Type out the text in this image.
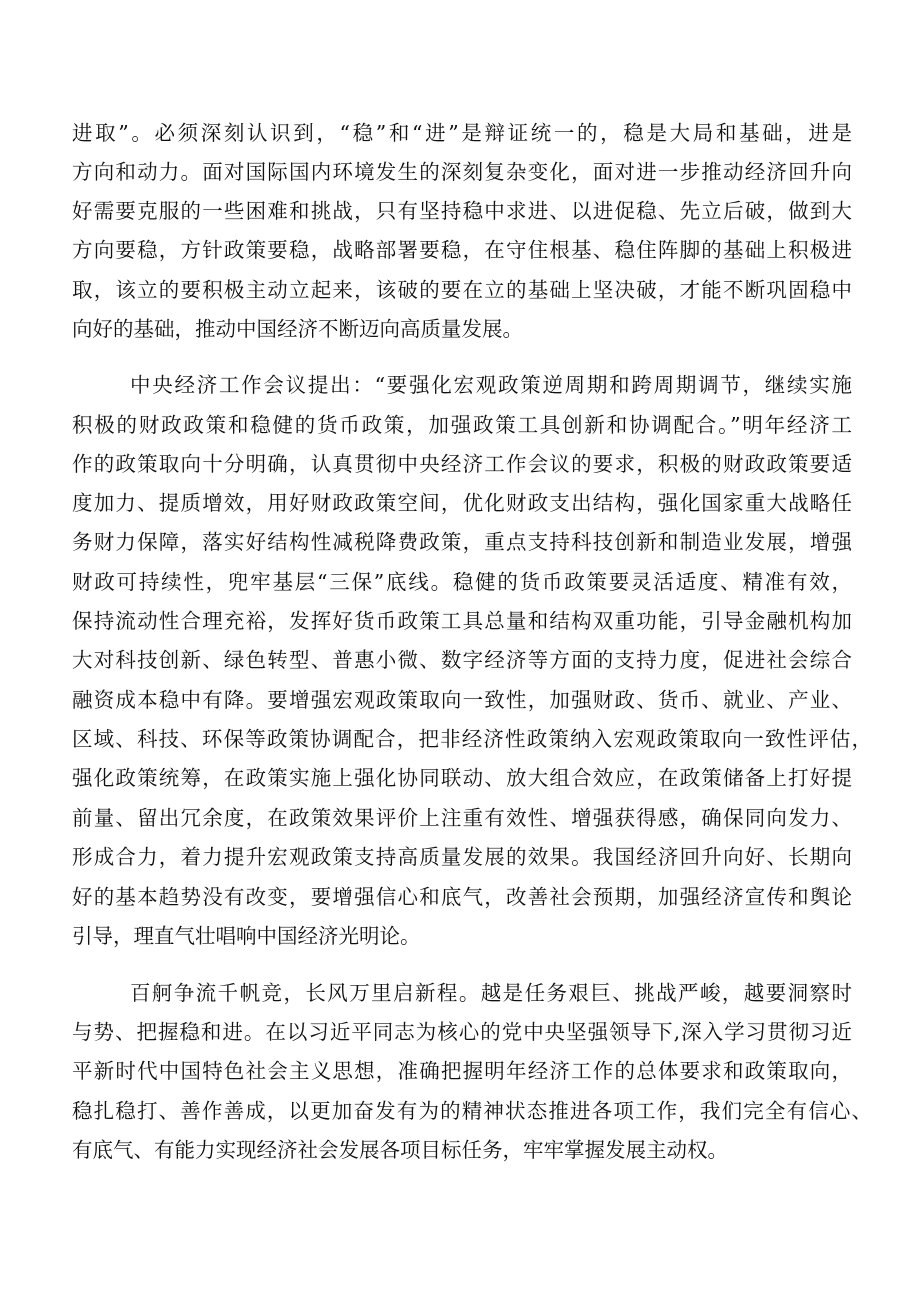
进取”。必须深刻认识到，“稳”和“进”是辩证统一的，稳是大局和基础，进是
方向和动力。面对国际国内环境发生的深刻复杂变化，面对进一步推动经济回升向
好需要克服的一些困难和挑战，只有坚持稳中求进、以进促稳、先立后破，做到大
方向要稳，方针政策要稳，战略部署要稳，在守住根基、稳住阵脚的基础上积极进
取，该立的要积极主动立起来，该破的要在立的基础上坚决破，才能不断巩固稳中
向好的基础，推动中国经济不断迈向高质量发展。
中央经济工作会议提出：“要强化宏观政策逆周期和跨周期调节，继续实施
积极的财政政策和稳健的货币政策，加强政策工具创新和协调配合。”明年经济工
作的政策取向十分明确，认真贯彻中央经济工作会议的要求，积极的财政政策要适
度加力、提质增效，用好财政政策空间，优化财政支出结构，强化国家重大战略任
务财力保障，落实好结构性减税降费政策，重点支持科技创新和制造业发展，增强
财政可持续性，兜牢基层“三保”底线。稳健的货币政策要灵活适度、精准有效，
保持流动性合理充裕，发挥好货币政策工具总量和结构双重功能，引导金融机构加
大对科技创新、绿色转型、普惠小微、数字经济等方面的支持力度，促进社会综合
融资成本稳中有降。要增强宏观政策取向一致性，加强财政、货币、就业、产业、
区域、科技、环保等政策协调配合，把非经济性政策纳入宏观政策取向一致性评估，
强化政策统筹，在政策实施上强化协同联动、放大组合效应，在政策储备上打好提
前量、留出冗余度，在政策效果评价上注重有效性、增强获得感，确保同向发力、
形成合力，着力提升宏观政策支持高质量发展的效果。我国经济回升向好、长期向
好的基本趋势没有改变，要增强信心和底气，改善社会预期，加强经济宣传和舆论
引导，理直气壮唱响中国经济光明论。
百舸争流千帆竞，长风万里启新程。越是任务艰巨、挑战严峻，越要洞察时
与势、把握稳和进。在以习近平同志为核心的党中央坚强领导下,深入学习贯彻习近
平新时代中国特色社会主义思想，准确把握明年经济工作的总体要求和政策取向，
稳扎稳打、善作善成，以更加奋发有为的精神状态推进各项工作，我们完全有信心、
有底气、有能力实现经济社会发展各项目标任务，牢牢掌握发展主动权。
